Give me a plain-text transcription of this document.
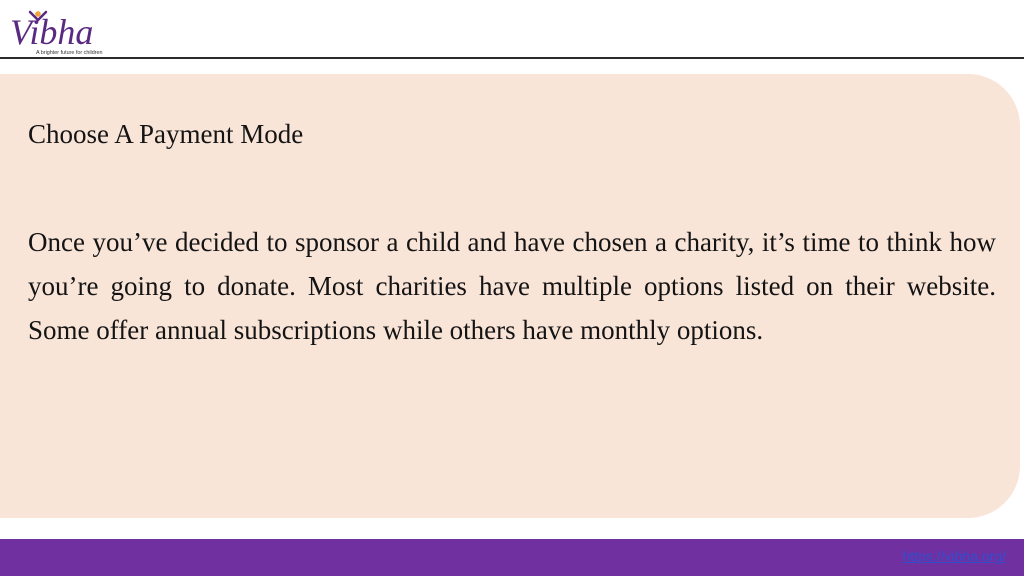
Vibha
A brighter future for children
Choose A Payment Mode
Once you’ve decided to sponsor a child and have chosen a charity, it’s time to think how you’re going to donate. Most charities have multiple options listed on their website. Some offer annual subscriptions while others have monthly options.
https://vibha.org/
